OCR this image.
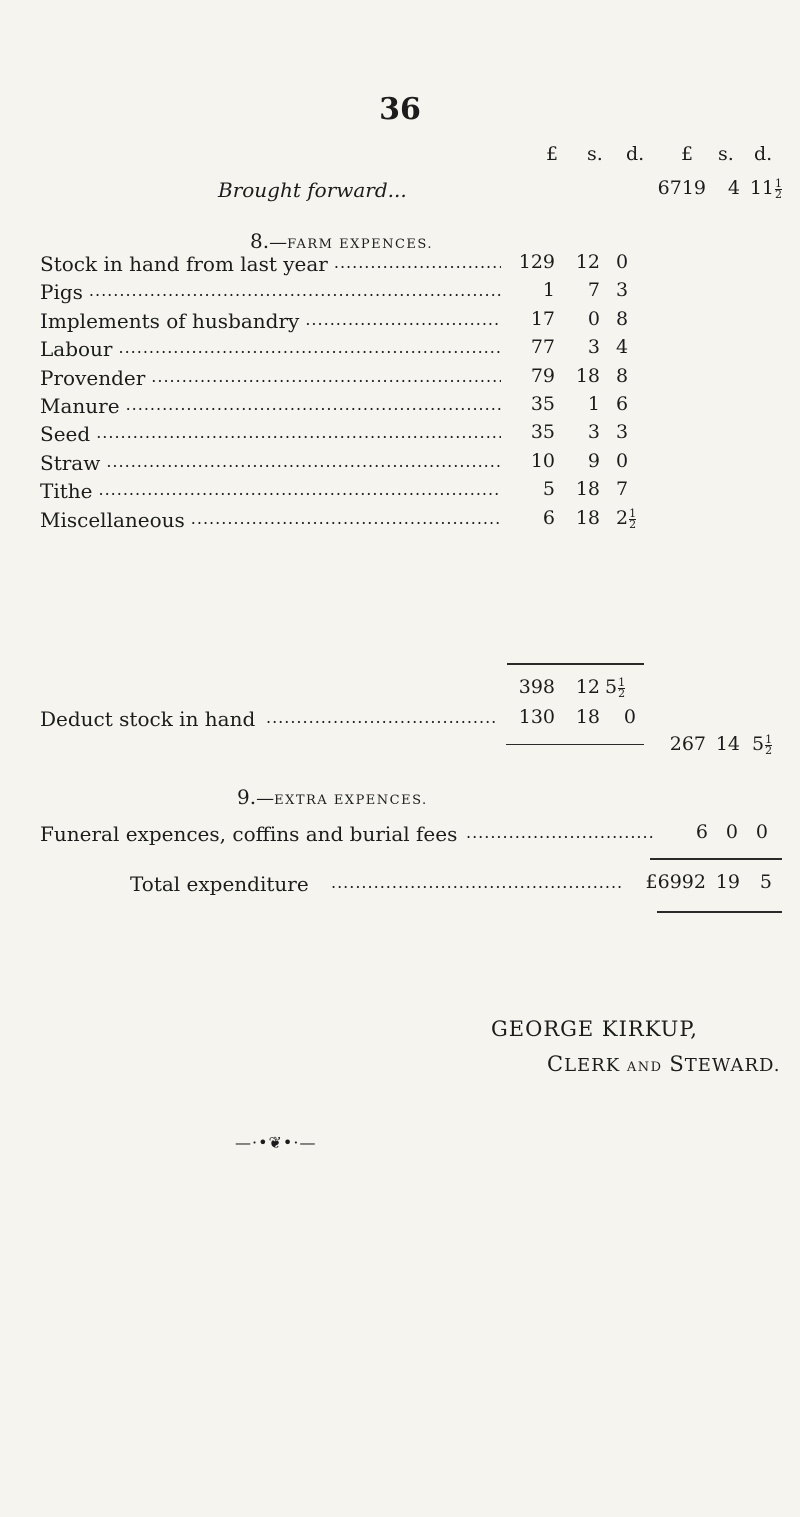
36
£ s. d. £ s. d.
Brought forward...	6719	4 $11 \frac{1}{2}$
8.—FARM EXPENCES.
Stock in hand from last year .....	129	12 0
Pigs .....	1	7 3
Implements of husbandry .....	17	0 8
Labour .....	77	3 4
Provender .....	79	18 8
Manure .....	35	1 6
Seed .....	35	3 3
Straw .....	10	9 0
Tithe .....	5	18 7
Miscellaneous .....	6	18 $2 \frac{1}{2}$
398	12 $5 \frac{1}{2}$
Deduct stock in hand .....	130	18	0
267 14 $5 \frac{1}{2}$
9.—EXTRA EXPENCES.
Funeral expences, coffins and burial fees .....	6 0 0
Total expenditure .....	£6992 19	5
GEORGE KIRKUP,
CLERK AND STEWARD.
—·•❦•·—
